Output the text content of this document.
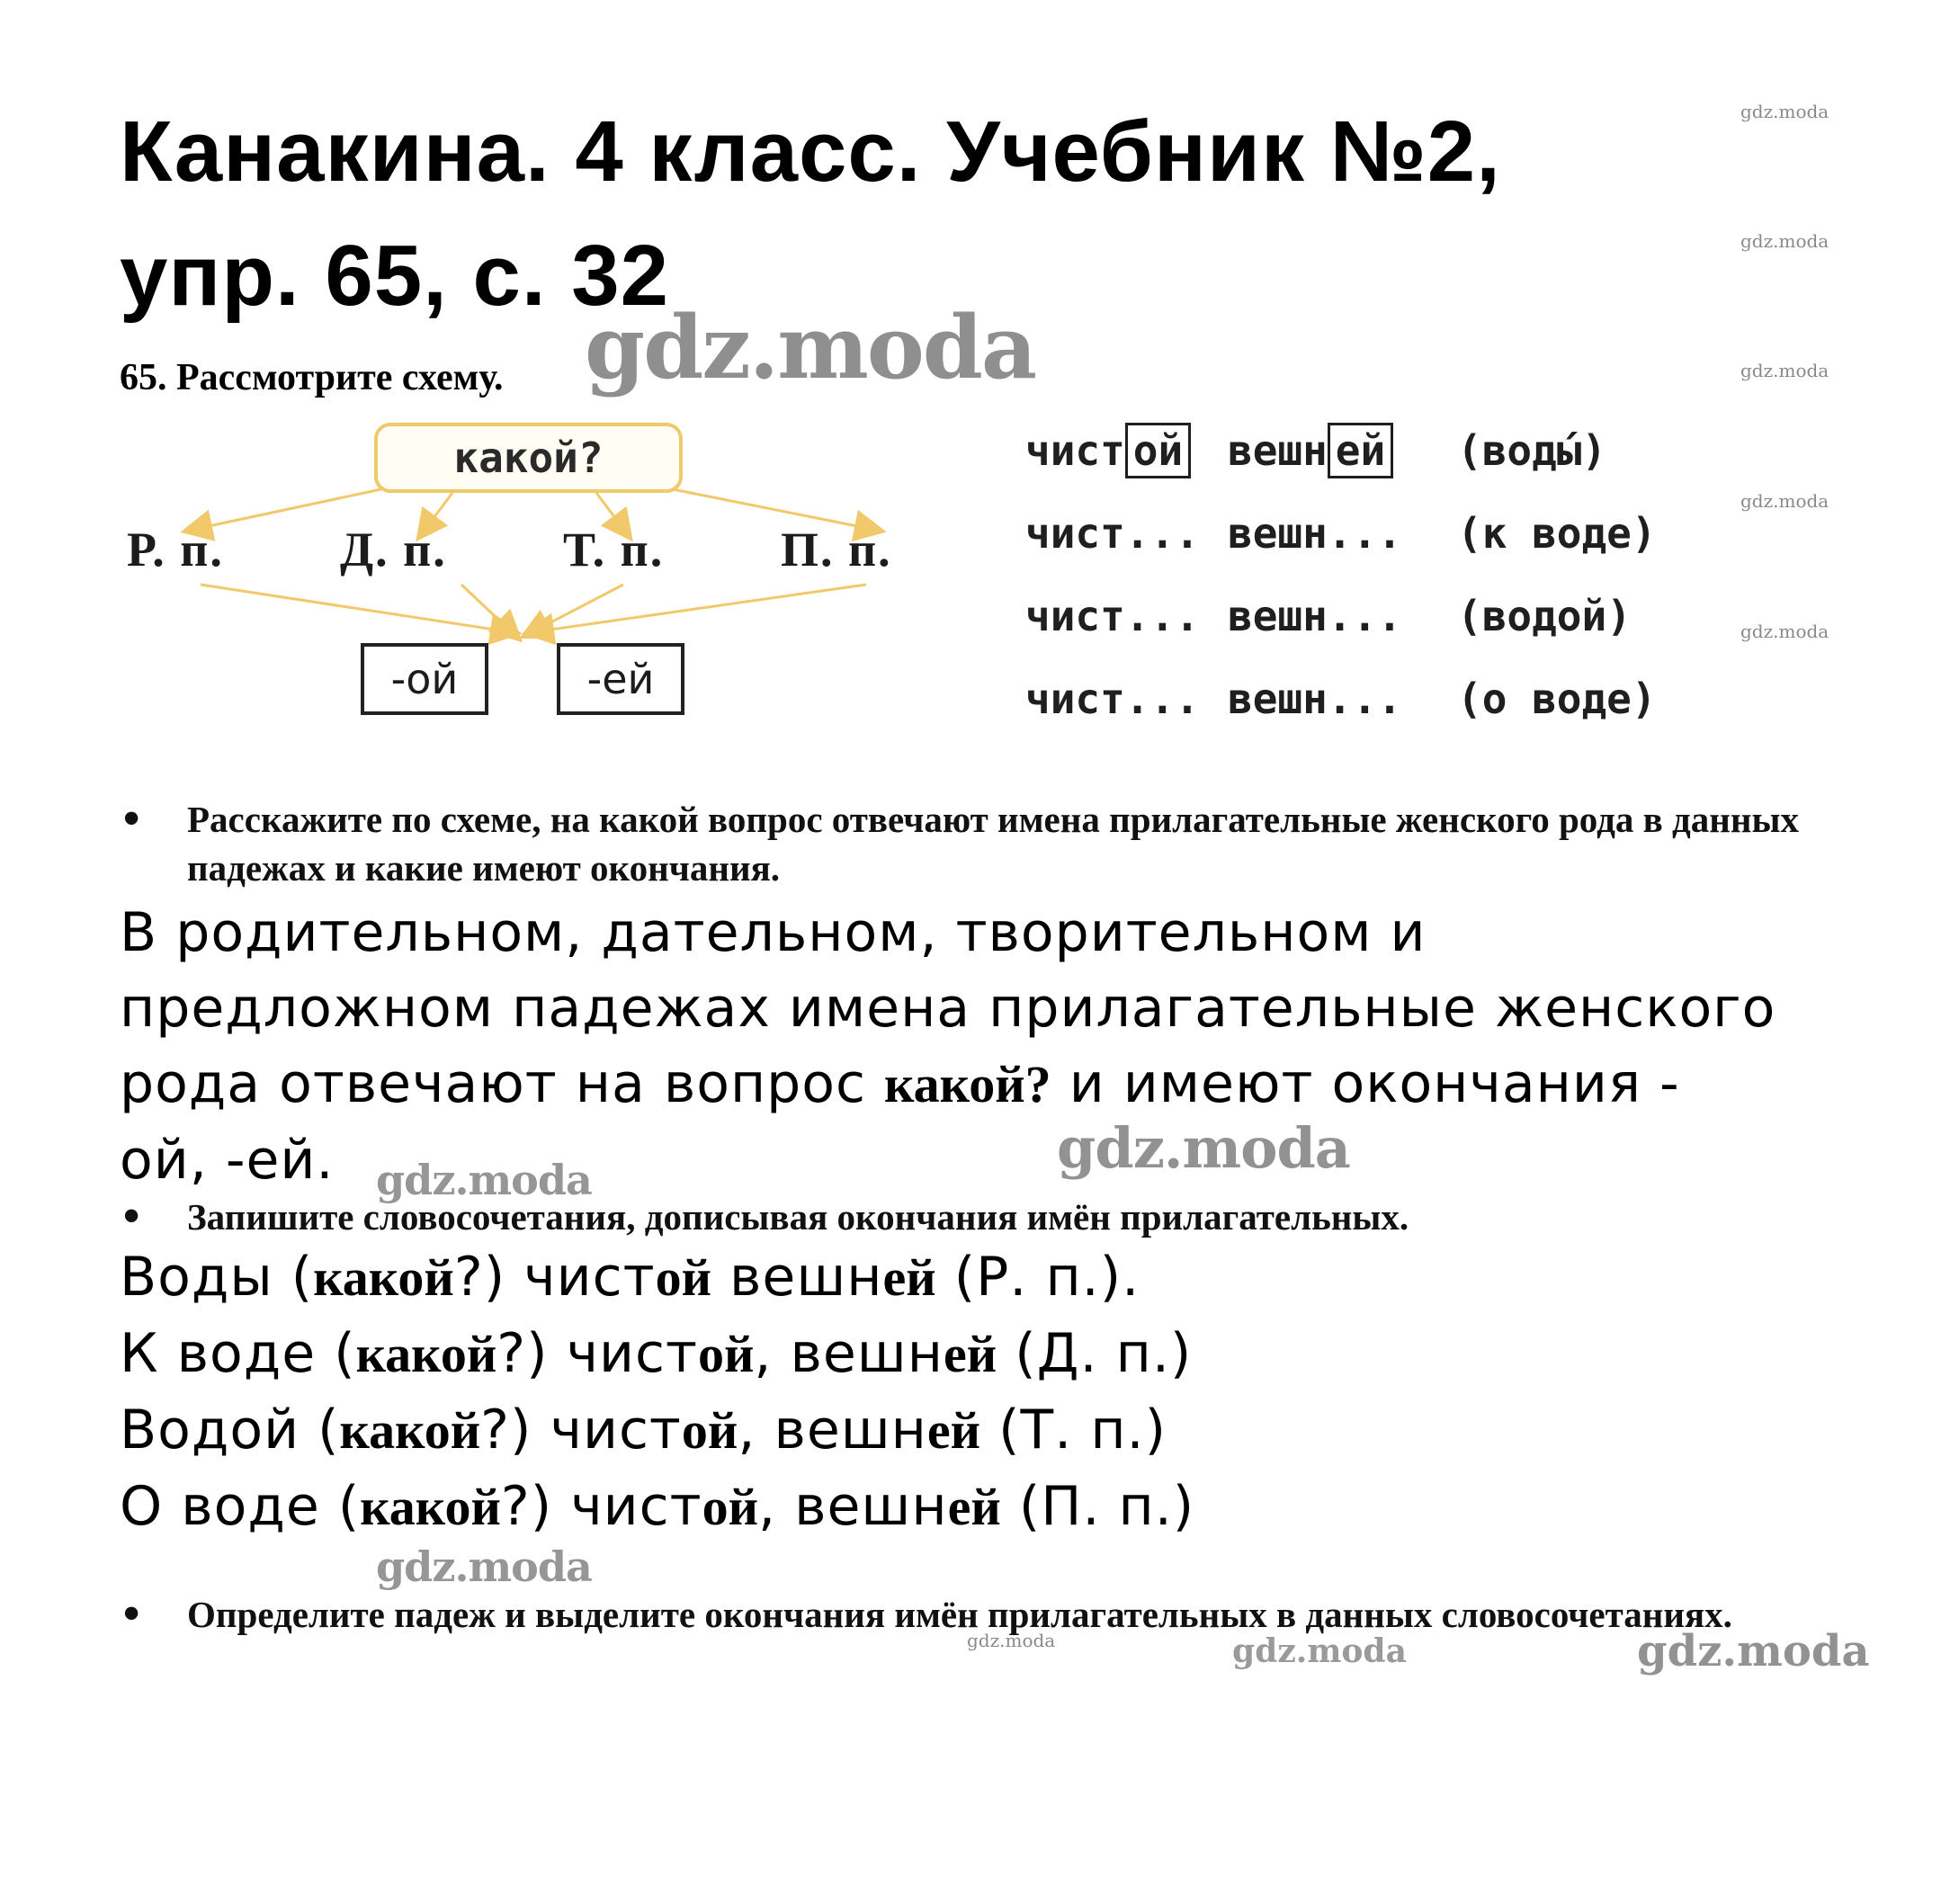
Канакина. 4 класс. Учебник №2,
упр. 65, с. 32
65. Рассмотрите схему. gdz.moda
gdz.moda
gdz.moda
gdz.moda
gdz.moda
gdz.moda
gdz.moda
gdz.moda
gdz.moda
gdz.moda	gdz.moda	gdz.moda
какой?
Р. п. Д. п. Т. п. П. п.
-ой	-ей
чист ой	вешн ей	(воды́)
чист... вешн...	(к воде)
чист... вешн...	(водой)
чист... вешн...	(о воде)
•	Расскажите по схеме, на какой вопрос отвечают имена прилагательные женского рода в данных падежах и какие имеют окончания.
В родительном, дательном, творительном и
предложном падежах имена прилагательные женского
рода отвечают на вопрос какой? и имеют окончания -
ой, -ей.
•	Запишите словосочетания, дописывая окончания имён прилагательных.
Воды (какой?) чистой вешней (Р. п.).
К воде (какой?) чистой, вешней (Д. п.)
Водой (какой?) чистой, вешней (Т. п.)
О воде (какой?) чистой, вешней (П. п.)
•	Определите падеж и выделите окончания имён прилагательных в данных словосочетаниях.
